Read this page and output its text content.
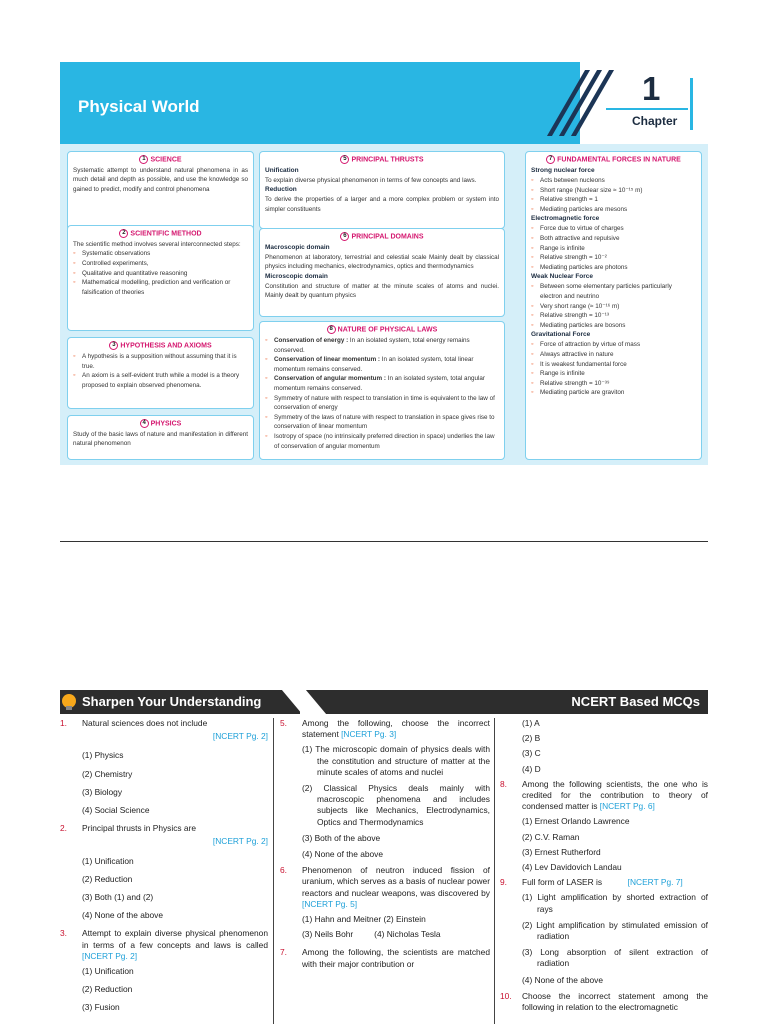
Physical World	1
Chapter
1 SCIENCE

Systematic attempt to understand natural phenomena in as much detail and depth as possible, and use the knowledge so gained to predict, modify and control phenomena

2 SCIENTIFIC METHOD

The scientific method involves several interconnected steps:

◦ Systematic observations
◦ Controlled experiments,
◦ Qualitative and quantitative reasoning
◦ Mathematical modelling, prediction and verification or falsification of theories
3 HYPOTHESIS AND AXIOMS
◦ A hypothesis is a supposition without assuming that it is true.
◦ An axiom is a self-evident truth while a model is a theory proposed to explain observed phenomena.
4 PHYSICS

Study of the basic laws of nature and manifestation in different natural phenomenon

5 PRINCIPAL THRUSTS
Unification

To explain diverse physical phenomenon in terms of few concepts and laws.

Reduction

To derive the properties of a larger and a more complex problem or system into simpler constituents

6 PRINCIPAL DOMAINS
Macroscopic domain

Phenomenon at laboratory, terrestrial and celestial scale Mainly dealt by classical physics including mechanics, electrodynamics, optics and thermodynamics

Microscopic domain

Constitution and structure of matter at the minute scales of atoms and nuclei. Mainly dealt by quantum physics

8 NATURE OF PHYSICAL LAWS
◦ Conservation of energy : In an isolated system, total energy remains conserved.
◦ Conservation of linear momentum : In an isolated system, total linear momentum remains conserved.
◦ Conservation of angular momentum : In an isolated system, total angular momentum remains conserved.
◦ Symmetry of nature with respect to translation in time is equivalent to the law of conservation of energy
◦ Symmetry of the laws of nature with respect to translation in space gives rise to conservation of linear momentum
◦ Isotropy of space (no intrinsically preferred direction in space) underlies the law of conservation of angular momentum
7 FUNDAMENTAL FORCES IN NATURE
Strong nuclear force
◦ Acts between nucleons
◦ Short range (Nuclear size ≈ 10⁻¹⁵ m)
◦ Relative strength = 1
◦ Mediating particles are mesons
Electromagnetic force
◦ Force due to virtue of charges
◦ Both attractive and repulsive
◦ Range is infinite
◦ Relative strength = 10⁻²
◦ Mediating particles are photons
Weak Nuclear Force
◦ Between some elementary particles particularly electron and neutrino
◦ Very short range (≈ 10⁻¹⁶ m)
◦ Relative strength = 10⁻¹³
◦ Mediating particles are bosons
Gravitational Force
◦ Force of attraction by virtue of mass
◦ Always attractive in nature
◦ It is weakest fundamental force
◦ Range is infinite
◦ Relative strength = 10⁻³⁹
◦ Mediating particle are graviton
Sharpen Your Understanding	NCERT Based MCQs
1. Natural sciences does not include
[NCERT Pg. 2]
(1) Physics
(2) Chemistry
(3) Biology
(4) Social Science
2. Principal thrusts in Physics are
[NCERT Pg. 2]
(1) Unification
(2) Reduction
(3) Both (1) and (2)
(4) None of the above
3. Attempt to explain diverse physical phenomenon in terms of a few concepts and laws is called [NCERT Pg. 2]
(1) Unification
(2) Reduction
(3) Fusion
5. Among the following, choose the incorrect statement [NCERT Pg. 3]
(1) The microscopic domain of physics deals with the constitution and structure of matter at the minute scales of atoms and nuclei
(2) Classical Physics deals mainly with macroscopic phenomena and includes subjects like Mechanics, Electrodynamics, Optics and Thermodynamics
(3) Both of the above
(4) None of the above
6. Phenomenon of neutron induced fission of uranium, which serves as a basis of nuclear power reactors and nuclear weapons, was discovered by [NCERT Pg. 5]
(1) Hahn and Meitner (2) Einstein
(3) Neils Bohr (4) Nicholas Tesla
7. Among the following, the scientists are matched with their major contribution or
(1) A
(2) B
(3) C
(4) D
8. Among the following scientists, the one who is credited for the contribution to theory of condensed matter is [NCERT Pg. 6]
(1) Ernest Orlando Lawrence
(2) C.V. Raman
(3) Ernest Rutherford
(4) Lev Davidovich Landau
9. Full form of LASER is	[NCERT Pg. 7]
(1) Light amplification by shorted extraction of rays
(2) Light amplification by stimulated emission of radiation
(3) Long absorption of silent extraction of radiation
(4) None of the above
10. Choose the incorrect statement among the following in relation to the electromagnetic
